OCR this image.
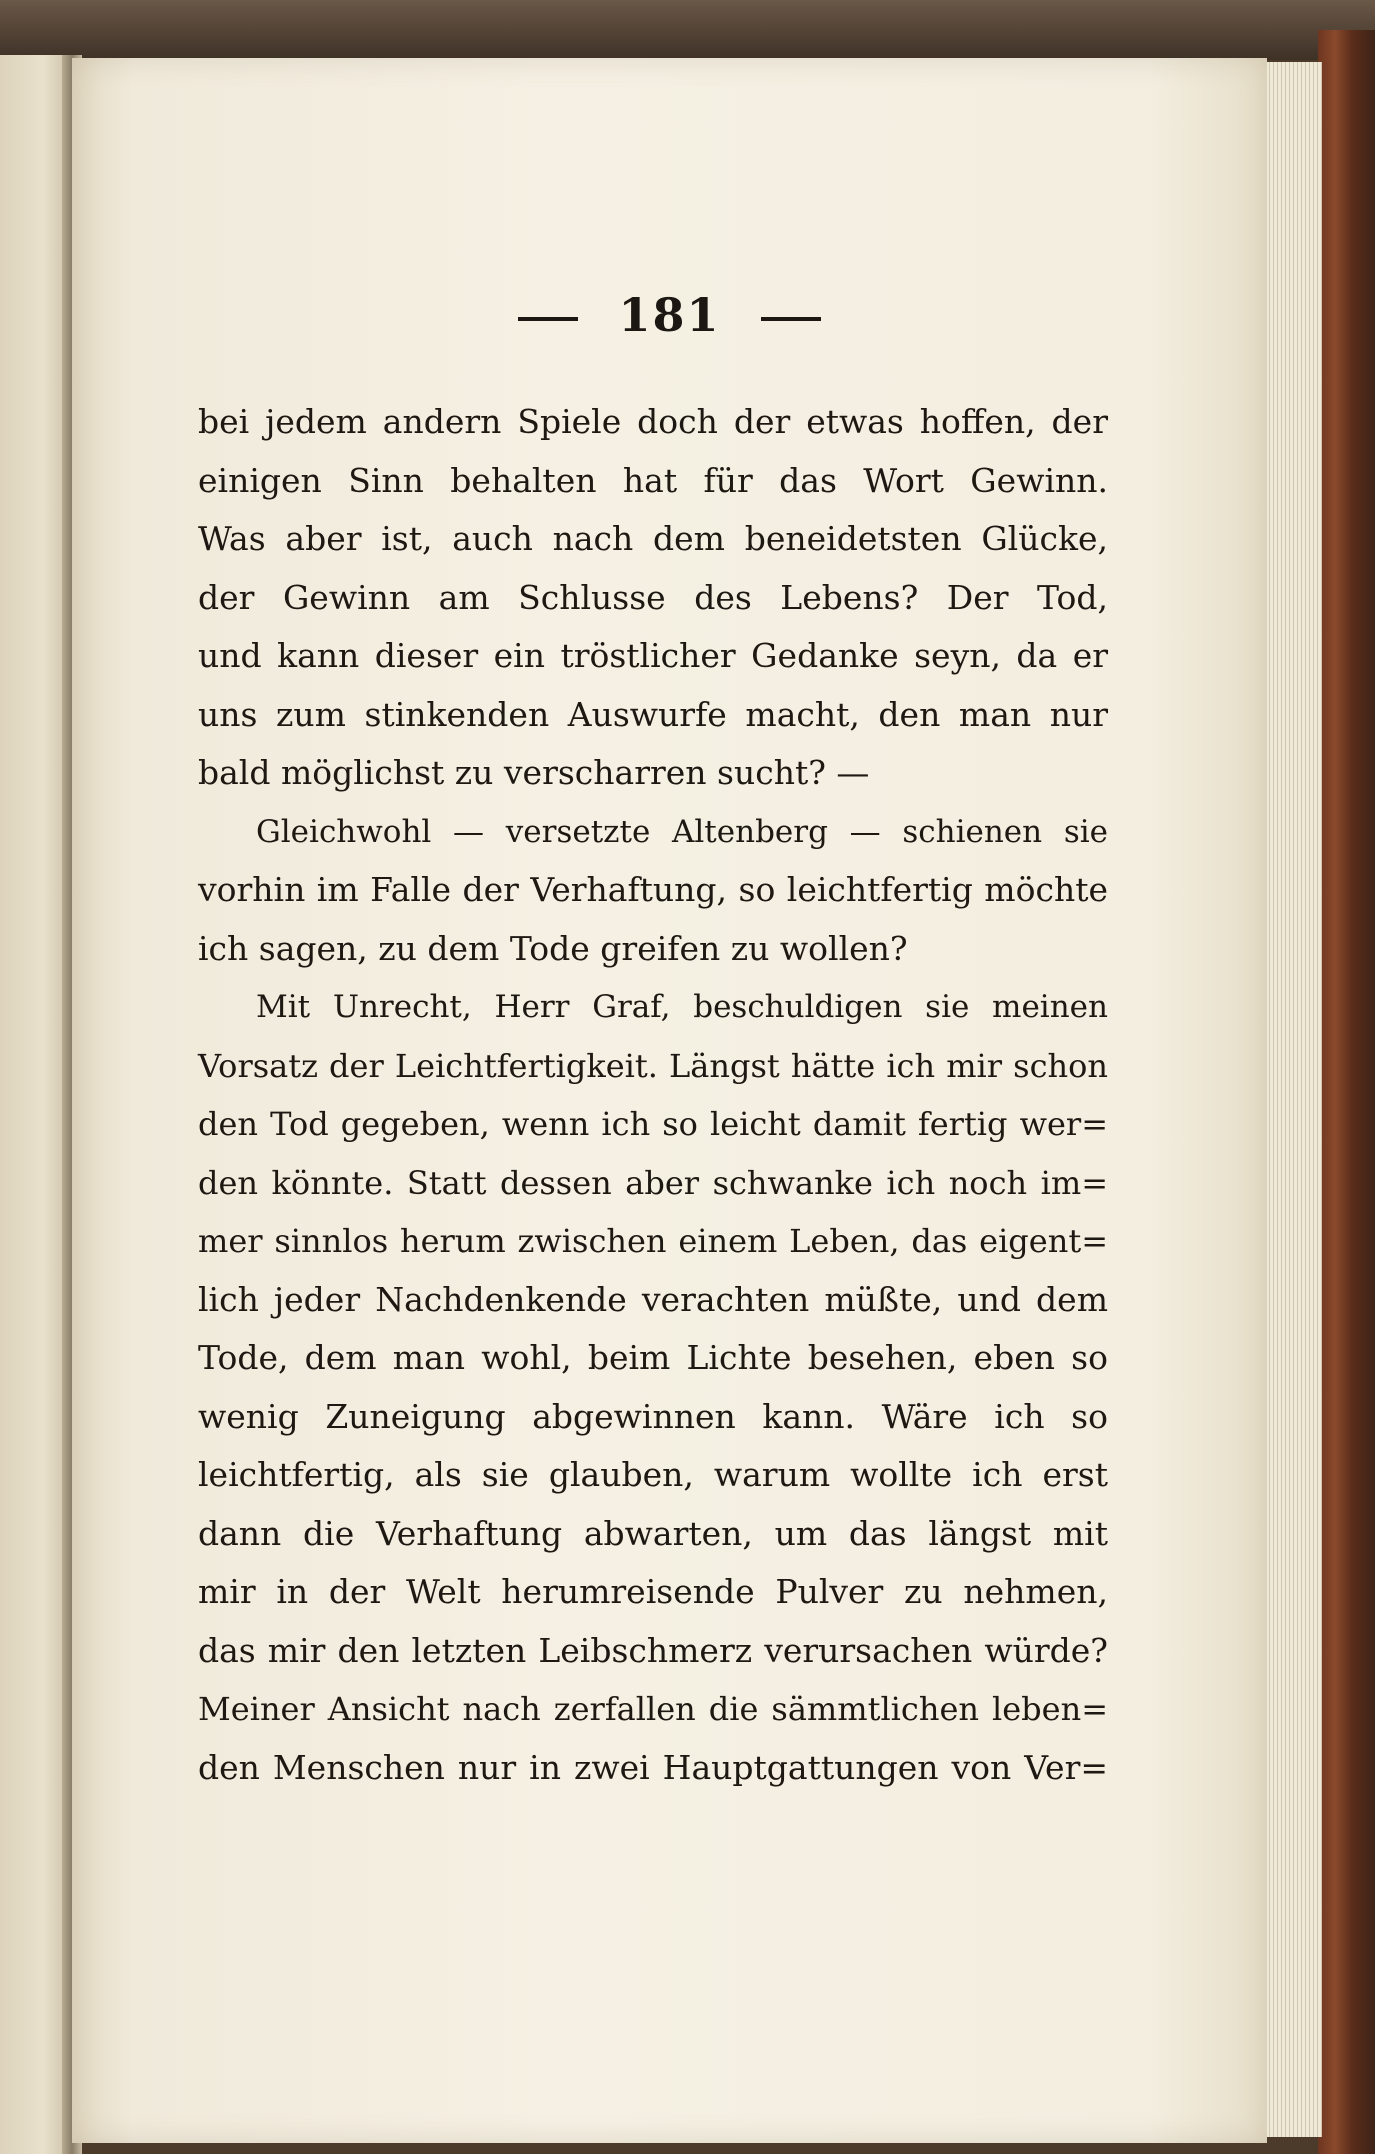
181
bei jedem andern Spiele doch der etwas hoffen, der
einigen Sinn behalten hat für das Wort Gewinn.
Was aber ist, auch nach dem beneidetsten Glücke,
der Gewinn am Schlusse des Lebens? Der Tod,
und kann dieser ein tröstlicher Gedanke seyn, da er
uns zum stinkenden Auswurfe macht, den man nur
bald möglichst zu verscharren sucht? —
Gleichwohl — versetzte Altenberg — schienen sie
vorhin im Falle der Verhaftung, so leichtfertig möchte
ich sagen, zu dem Tode greifen zu wollen?
Mit Unrecht, Herr Graf, beschuldigen sie meinen
Vorsatz der Leichtfertigkeit. Längst hätte ich mir schon
den Tod gegeben, wenn ich so leicht damit fertig wer=
den könnte. Statt dessen aber schwanke ich noch im=
mer sinnlos herum zwischen einem Leben, das eigent=
lich jeder Nachdenkende verachten müßte, und dem
Tode, dem man wohl, beim Lichte besehen, eben so
wenig Zuneigung abgewinnen kann. Wäre ich so
leichtfertig, als sie glauben, warum wollte ich erst
dann die Verhaftung abwarten, um das längst mit
mir in der Welt herumreisende Pulver zu nehmen,
das mir den letzten Leibschmerz verursachen würde?
Meiner Ansicht nach zerfallen die sämmtlichen leben=
den Menschen nur in zwei Hauptgattungen von Ver=
